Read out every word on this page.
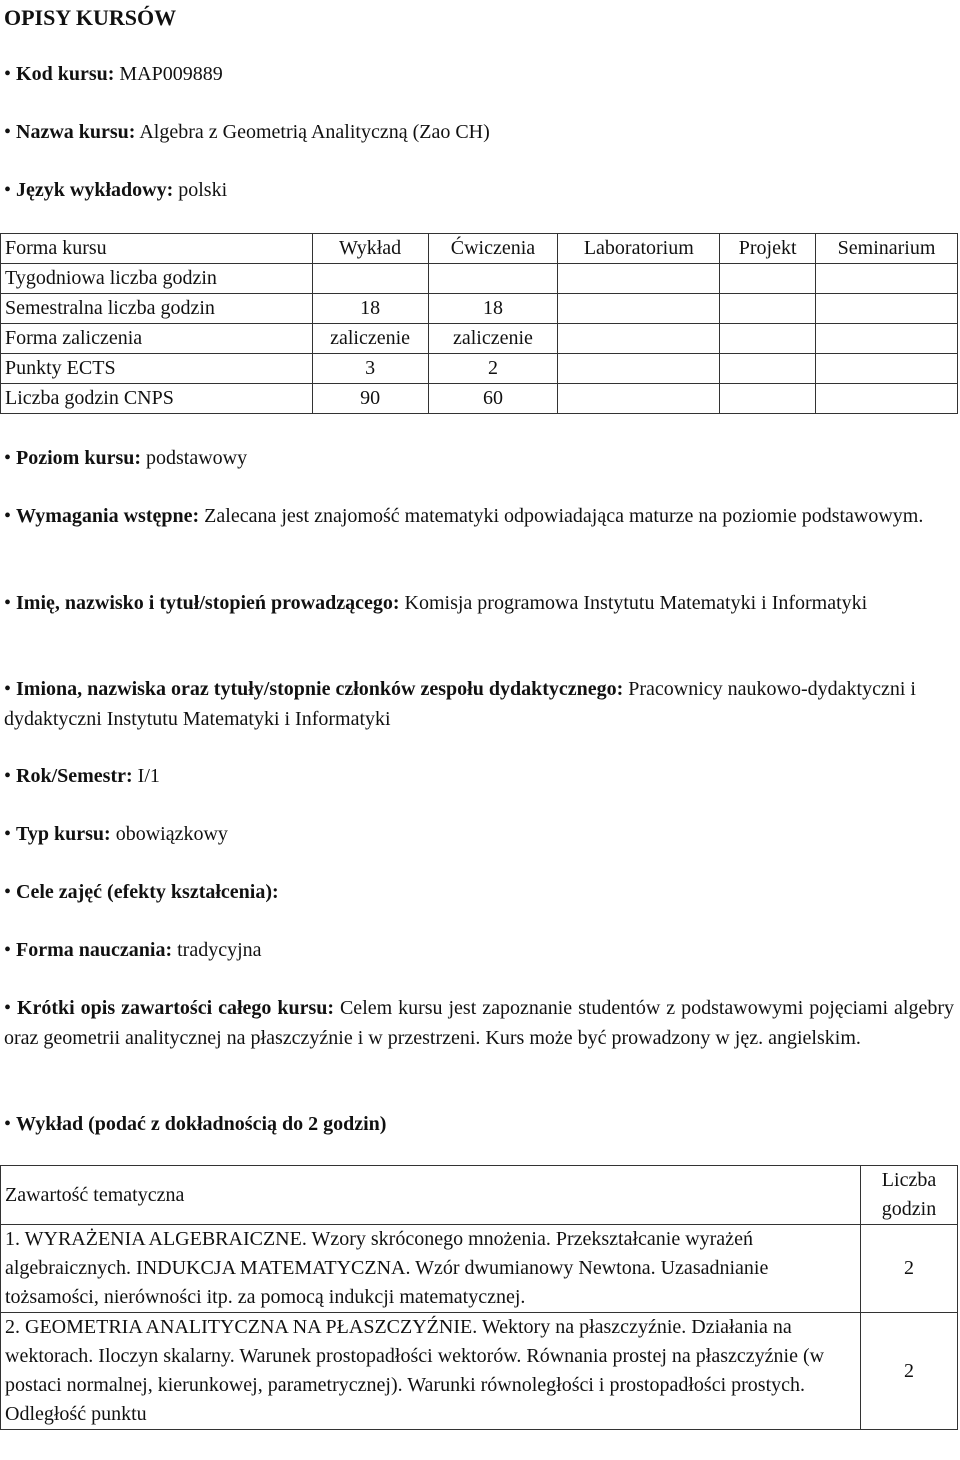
OPISY KURSÓW
• Kod kursu: MAP009889
• Nazwa kursu: Algebra z Geometrią Analityczną (Zao CH)
• Język wykładowy: polski
Forma kursu	Wykład	Ćwiczenia	Laboratorium	Projekt	Seminarium
Tygodniowa liczba godzin					
Semestralna liczba godzin	18	18			
Forma zaliczenia	zaliczenie	zaliczenie			
Punkty ECTS	3	2			
Liczba godzin CNPS	90	60			
• Poziom kursu: podstawowy
• Wymagania wstępne: Zalecana jest znajomość matematyki odpowiadająca maturze na poziomie podstawowym.
• Imię, nazwisko i tytuł/stopień prowadzącego: Komisja programowa Instytutu Matematyki i Informatyki
• Imiona, nazwiska oraz tytuły/stopnie członków zespołu dydaktycznego: Pracownicy naukowo-dydaktyczni i dydaktyczni Instytutu Matematyki i Informatyki
• Rok/Semestr: I/1
• Typ kursu: obowiązkowy
• Cele zajęć (efekty kształcenia):
• Forma nauczania: tradycyjna
• Krótki opis zawartości całego kursu: Celem kursu jest zapoznanie studentów z podstawowymi pojęciami algebry oraz geometrii analitycznej na płaszczyźnie i w przestrzeni. Kurs może być prowadzony w jęz. angielskim.
• Wykład (podać z dokładnością do 2 godzin)
Zawartość tematyczna	Liczba godzin
1. WYRAŻENIA ALGEBRAICZNE. Wzory skróconego mnożenia. Przekształcanie wyrażeń algebraicznych. INDUKCJA MATEMATYCZNA. Wzór dwumianowy Newtona. Uzasadnianie tożsamości, nierówności itp. za pomocą indukcji matematycznej.	2
2. GEOMETRIA ANALITYCZNA NA PŁASZCZYŹNIE. Wektory na płaszczyźnie. Działania na wektorach. Iloczyn skalarny. Warunek prostopadłości wektorów. Równania prostej na płaszczyźnie (w postaci normalnej, kierunkowej, parametrycznej). Warunki równoległości i prostopadłości prostych. Odległość punktu	2
